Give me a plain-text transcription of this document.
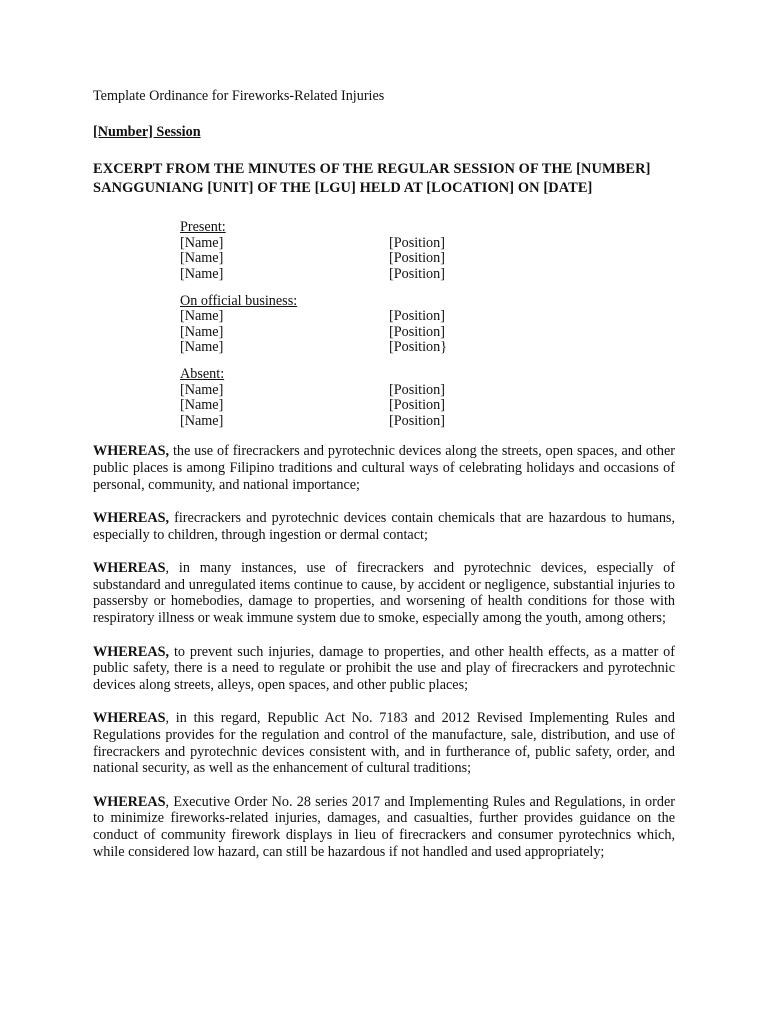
Template Ordinance for Fireworks-Related Injuries

[Number] Session

EXCERPT FROM THE MINUTES OF THE REGULAR SESSION OF THE [NUMBER] SANGGUNIANG [UNIT] OF THE [LGU] HELD AT [LOCATION] ON [DATE]

Present:
[Name]	[Position]
[Name]	[Position]
[Name]	[Position]
On official business:
[Name]	[Position]
[Name]	[Position]
[Name]	[Position}
Absent:
[Name]	[Position]
[Name]	[Position]
[Name]	[Position]

WHEREAS, the use of firecrackers and pyrotechnic devices along the streets, open spaces, and other public places is among Filipino traditions and cultural ways of celebrating holidays and occasions of personal, community, and national importance;

WHEREAS, firecrackers and pyrotechnic devices contain chemicals that are hazardous to humans, especially to children, through ingestion or dermal contact;

WHEREAS, in many instances, use of firecrackers and pyrotechnic devices, especially of substandard and unregulated items continue to cause, by accident or negligence, substantial injuries to passersby or homebodies, damage to properties, and worsening of health conditions for those with respiratory illness or weak immune system due to smoke, especially among the youth, among others;

WHEREAS, to prevent such injuries, damage to properties, and other health effects, as a matter of public safety, there is a need to regulate or prohibit the use and play of firecrackers and pyrotechnic devices along streets, alleys, open spaces, and other public places;

WHEREAS, in this regard, Republic Act No. 7183 and 2012 Revised Implementing Rules and Regulations provides for the regulation and control of the manufacture, sale, distribution, and use of firecrackers and pyrotechnic devices consistent with, and in furtherance of, public safety, order, and national security, as well as the enhancement of cultural traditions;

WHEREAS, Executive Order No. 28 series 2017 and Implementing Rules and Regulations, in order to minimize fireworks-related injuries, damages, and casualties, further provides guidance on the conduct of community firework displays in lieu of firecrackers and consumer pyrotechnics which, while considered low hazard, can still be hazardous if not handled and used appropriately;
